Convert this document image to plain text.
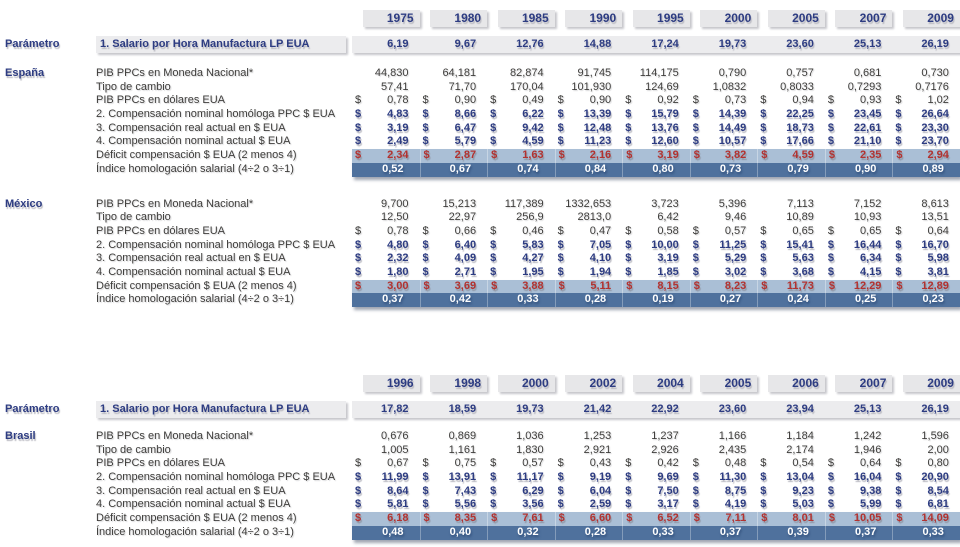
1975	1980	1985	1990	1995	2000	2005	2007	2009
Parámetro	1. Salario por Hora Manufactura LP EUA	6,19	9,67	12,76	14,88	17,24	19,73	23,60	25,13	26,19
España	PIB PPCs en Moneda Nacional*	44,830	64,181	82,874	91,745	114,175	0,790	0,757	0,681	0,730
Tipo de cambio	57,41	71,70	170,04	101,930	124,69	1,0832	0,8033	0,7293	0,7176
PIB PPCs en dólares EUA	$	0,78	$	0,90	$	0,49	$	0,90	$	0,92	$	0,73	$	0,94	$	0,93	$	1,02
2. Compensación nominal homóloga PPC $ EUA	$	4,83	$	8,66	$	6,22	$	13,39	$	15,79	$	14,39	$	22,25	$	23,45	$	26,64
3. Compensación real actual en $ EUA	$	3,19	$	6,47	$	9,42	$	12,48	$	13,76	$	14,49	$	18,73	$	22,61	$	23,30
4. Compensación nominal actual $ EUA	$	2,49	$	5,79	$	4,59	$	11,23	$	12,60	$	10,57	$	17,66	$	21,10	$	23,70
Déficit compensación $ EUA (2 menos 4)	$	2,34	$	2,87	$	1,63	$	2,16	$	3,19	$	3,82	$	4,59	$	2,35	$	2,94
Índice homologación salarial (4÷2 o 3÷1)	0,52	0,67	0,74	0,84	0,80	0,73	0,79	0,90	0,89
México	PIB PPCs en Moneda Nacional*	9,700	15,213	117,389	1332,653	3,723	5,396	7,113	7,152	8,613
Tipo de cambio	12,50	22,97	256,9	2813,0	6,42	9,46	10,89	10,93	13,51
PIB PPCs en dólares EUA	$	0,78	$	0,66	$	0,46	$	0,47	$	0,58	$	0,57	$	0,65	$	0,65	$	0,64
2. Compensación nominal homóloga PPC $ EUA	$	4,80	$	6,40	$	5,83	$	7,05	$	10,00	$	11,25	$	15,41	$	16,44	$	16,70
3. Compensación real actual en $ EUA	$	2,32	$	4,09	$	4,27	$	4,10	$	3,19	$	5,29	$	5,63	$	6,34	$	5,98
4. Compensación nominal actual $ EUA	$	1,80	$	2,71	$	1,95	$	1,94	$	1,85	$	3,02	$	3,68	$	4,15	$	3,81
Déficit compensación $ EUA (2 menos 4)	$	3,00	$	3,69	$	3,88	$	5,11	$	8,15	$	8,23	$	11,73	$	12,29	$	12,89
Índice homologación salarial (4÷2 o 3÷1)	0,37	0,42	0,33	0,28	0,19	0,27	0,24	0,25	0,23
1996	1998	2000	2002	2004	2005	2006	2007	2009
Parámetro	1. Salario por Hora Manufactura LP EUA	17,82	18,59	19,73	21,42	22,92	23,60	23,94	25,13	26,19
Brasil	PIB PPCs en Moneda Nacional*	0,676	0,869	1,036	1,253	1,237	1,166	1,184	1,242	1,596
Tipo de cambio	1,005	1,161	1,830	2,921	2,926	2,435	2,174	1,946	2,00
PIB PPCs en dólares EUA	$	0,67	$	0,75	$	0,57	$	0,43	$	0,42	$	0,48	$	0,54	$	0,64	$	0,80
2. Compensación nominal homóloga PPC $ EUA	$	11,99	$	13,91	$	11,17	$	9,19	$	9,69	$	11,30	$	13,04	$	16,04	$	20,90
3. Compensación real actual en $ EUA	$	8,64	$	7,43	$	6,29	$	6,04	$	7,50	$	8,75	$	9,23	$	9,38	$	8,54
4. Compensación nominal actual $ EUA	$	5,81	$	5,56	$	3,56	$	2,59	$	3,17	$	4,19	$	5,03	$	5,99	$	6,81
Déficit compensación $ EUA (2 menos 4)	$	6,18	$	8,35	$	7,61	$	6,60	$	6,52	$	7,11	$	8,01	$	10,05	$	14,09
Índice homologación salarial (4÷2 o 3÷1)	0,48	0,40	0,32	0,28	0,33	0,37	0,39	0,37	0,33
